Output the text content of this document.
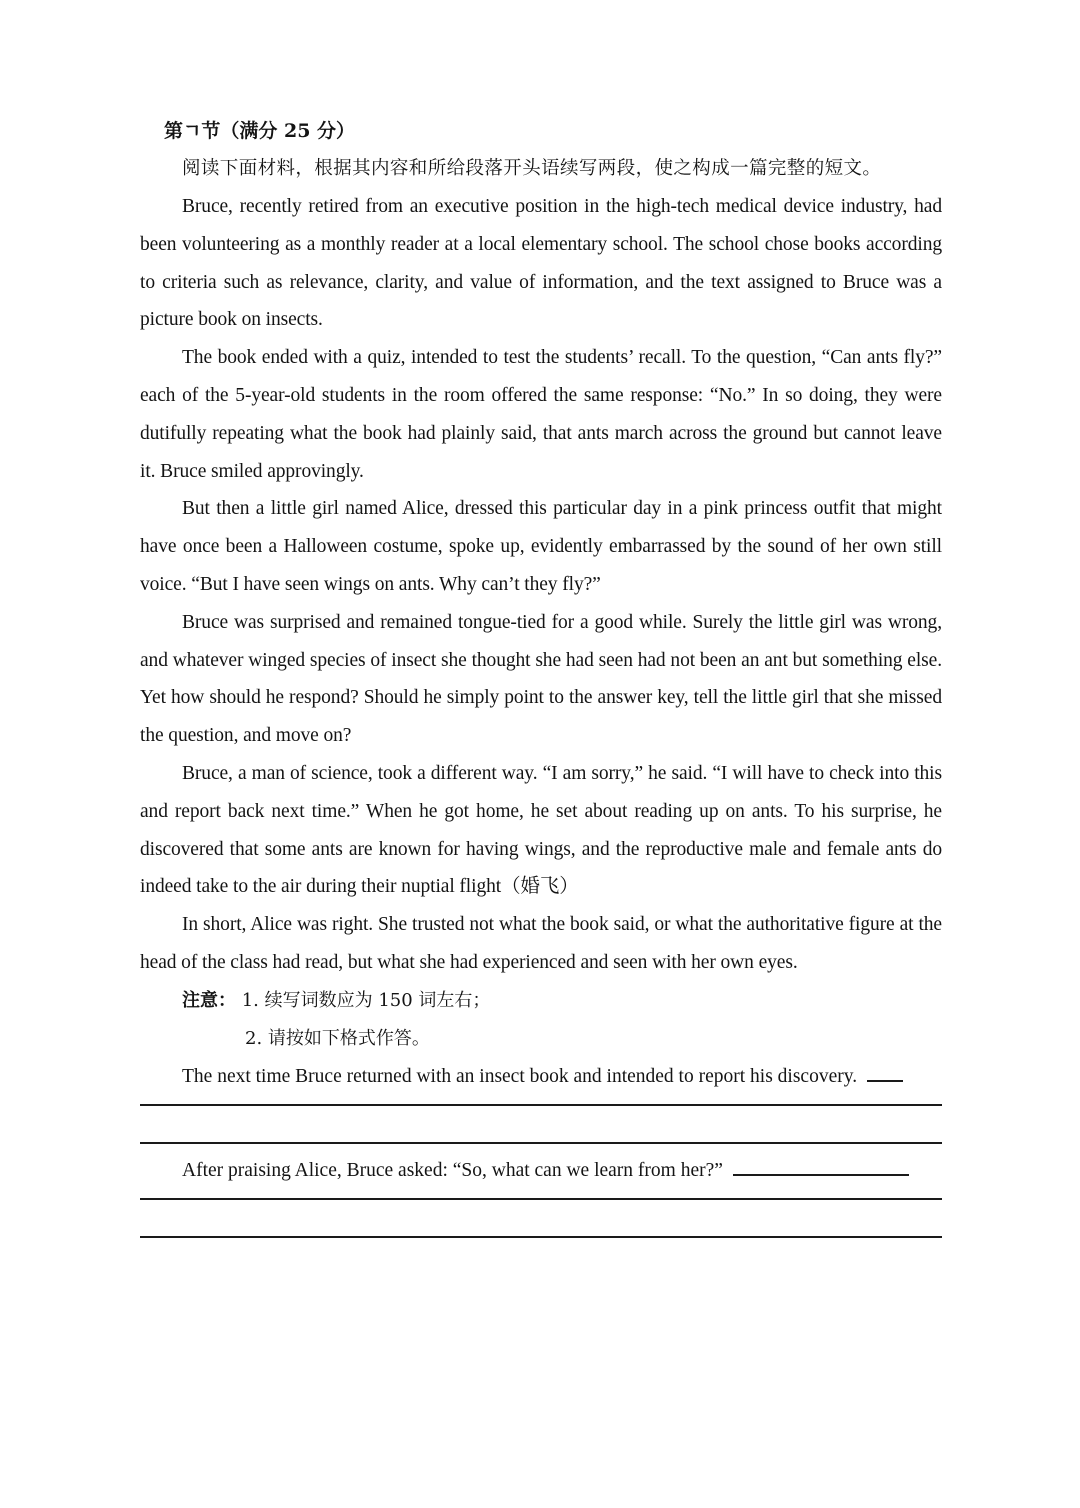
第ㄱ节（满分 25 分）
阅读下面材料，根据其内容和所给段落开头语续写两段，使之构成一篇完整的短文。

Bruce, recently retired from an executive position in the high-tech medical device industry, had been volunteering as a monthly reader at a local elementary school. The school chose books according to criteria such as relevance, clarity, and value of information, and the text assigned to Bruce was a picture book on insects.

The book ended with a quiz, intended to test the students’ recall. To the question, “Can ants fly?” each of the 5-year-old students in the room offered the same response: “No.” In so doing, they were dutifully repeating what the book had plainly said, that ants march across the ground but cannot leave it. Bruce smiled approvingly.

But then a little girl named Alice, dressed this particular day in a pink princess outfit that might have once been a Halloween costume, spoke up, evidently embarrassed by the sound of her own still voice. “But I have seen wings on ants. Why can’t they fly?”

Bruce was surprised and remained tongue-tied for a good while. Surely the little girl was wrong, and whatever winged species of insect she thought she had seen had not been an ant but something else. Yet how should he respond? Should he simply point to the answer key, tell the little girl that she missed the question, and move on?

Bruce, a man of science, took a different way. “I am sorry,” he said. “I will have to check into this and report back next time.” When he got home, he set about reading up on ants. To his surprise, he discovered that some ants are known for having wings, and the reproductive male and female ants do indeed take to the air during their nuptial flight（婚飞）

In short, Alice was right. She trusted not what the book said, or what the authoritative figure at the head of the class had read, but what she had experienced and seen with her own eyes.

注意： 1. 续写词数应为 150 词左右；
2. 请按如下格式作答。
The next time Bruce returned with an insect book and intended to report his discovery.
After praising Alice, Bruce asked: “So, what can we learn from her?”
